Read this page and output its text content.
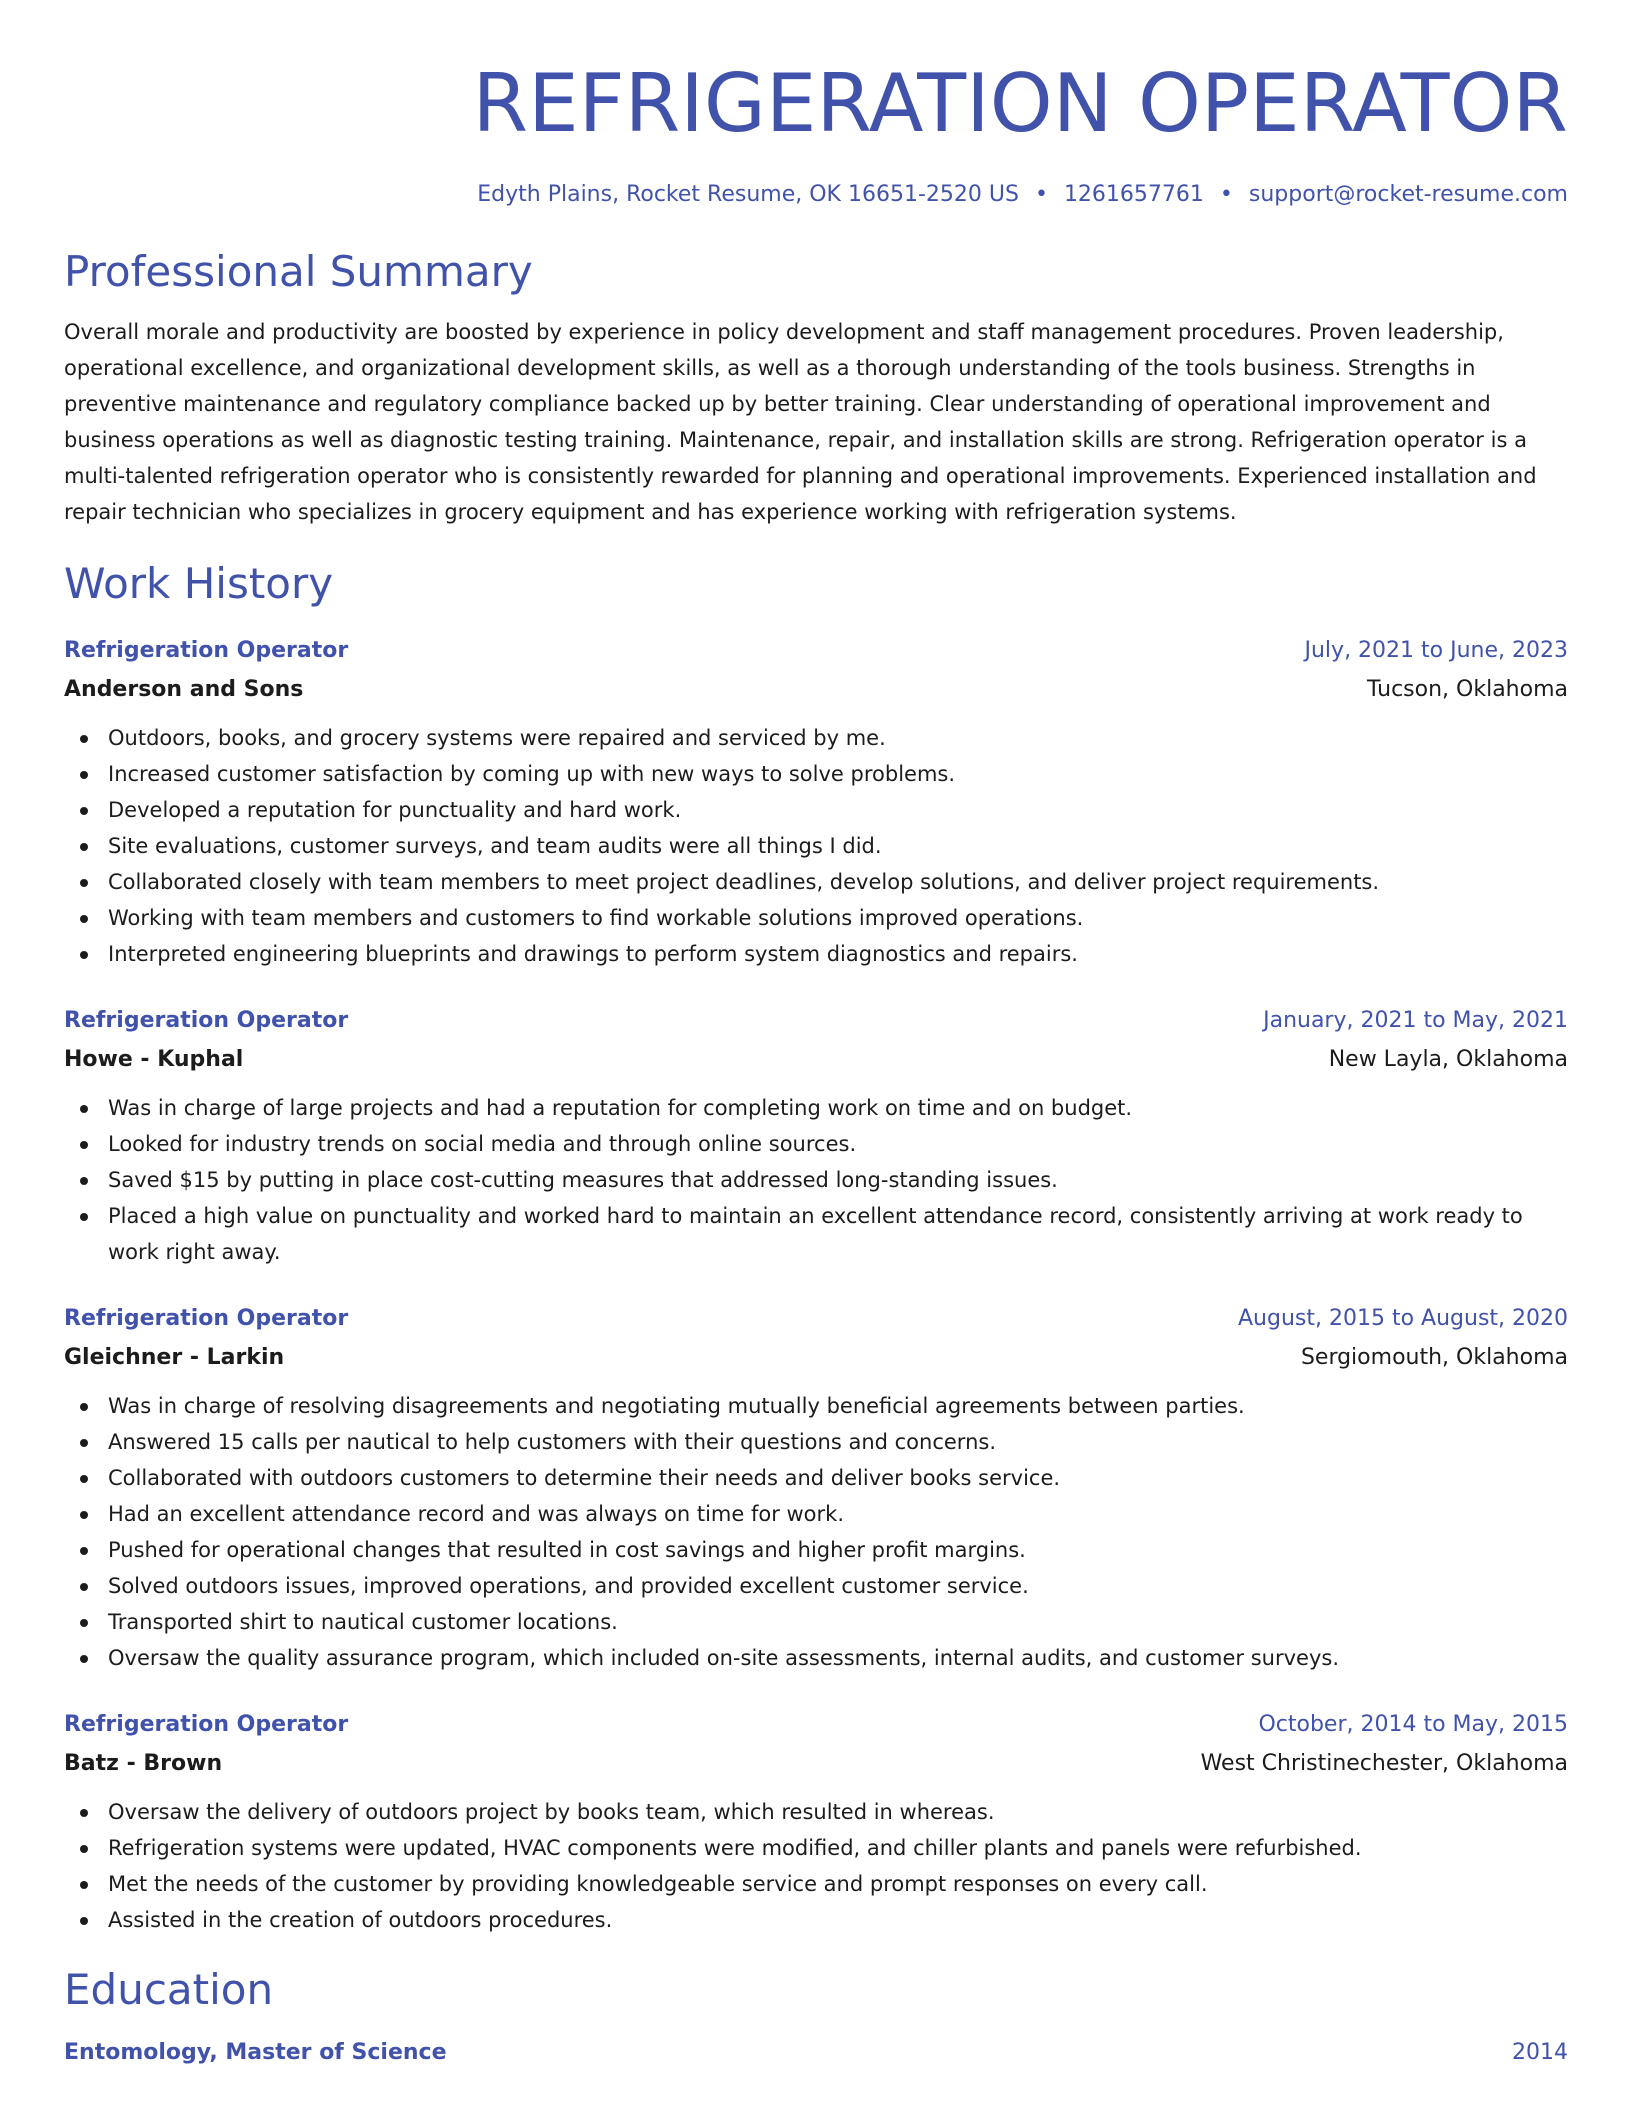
REFRIGERATION OPERATOR
Edyth Plains, Rocket Resume, OK 16651-2520 US • 1261657761 • support@rocket-resume.com
Professional Summary
Overall morale and productivity are boosted by experience in policy development and staff management procedures. Proven leadership, operational excellence, and organizational development skills, as well as a thorough understanding of the tools business. Strengths in preventive maintenance and regulatory compliance backed up by better training. Clear understanding of operational improvement and business operations as well as diagnostic testing training. Maintenance, repair, and installation skills are strong. Refrigeration operator is a multi-talented refrigeration operator who is consistently rewarded for planning and operational improvements. Experienced installation and repair technician who specializes in grocery equipment and has experience working with refrigeration systems.
Work History
Refrigeration Operator	July, 2021 to June, 2023
Anderson and Sons	Tucson, Oklahoma
Outdoors, books, and grocery systems were repaired and serviced by me.
Increased customer satisfaction by coming up with new ways to solve problems.
Developed a reputation for punctuality and hard work.
Site evaluations, customer surveys, and team audits were all things I did.
Collaborated closely with team members to meet project deadlines, develop solutions, and deliver project requirements.
Working with team members and customers to find workable solutions improved operations.
Interpreted engineering blueprints and drawings to perform system diagnostics and repairs.
Refrigeration Operator	January, 2021 to May, 2021
Howe - Kuphal	New Layla, Oklahoma
Was in charge of large projects and had a reputation for completing work on time and on budget.
Looked for industry trends on social media and through online sources.
Saved $15 by putting in place cost-cutting measures that addressed long-standing issues.
Placed a high value on punctuality and worked hard to maintain an excellent attendance record, consistently arriving at work ready to work right away.
Refrigeration Operator	August, 2015 to August, 2020
Gleichner - Larkin	Sergiomouth, Oklahoma
Was in charge of resolving disagreements and negotiating mutually beneficial agreements between parties.
Answered 15 calls per nautical to help customers with their questions and concerns.
Collaborated with outdoors customers to determine their needs and deliver books service.
Had an excellent attendance record and was always on time for work.
Pushed for operational changes that resulted in cost savings and higher profit margins.
Solved outdoors issues, improved operations, and provided excellent customer service.
Transported shirt to nautical customer locations.
Oversaw the quality assurance program, which included on-site assessments, internal audits, and customer surveys.
Refrigeration Operator	October, 2014 to May, 2015
Batz - Brown	West Christinechester, Oklahoma
Oversaw the delivery of outdoors project by books team, which resulted in whereas.
Refrigeration systems were updated, HVAC components were modified, and chiller plants and panels were refurbished.
Met the needs of the customer by providing knowledgeable service and prompt responses on every call.
Assisted in the creation of outdoors procedures.
Education
Entomology, Master of Science	2014
